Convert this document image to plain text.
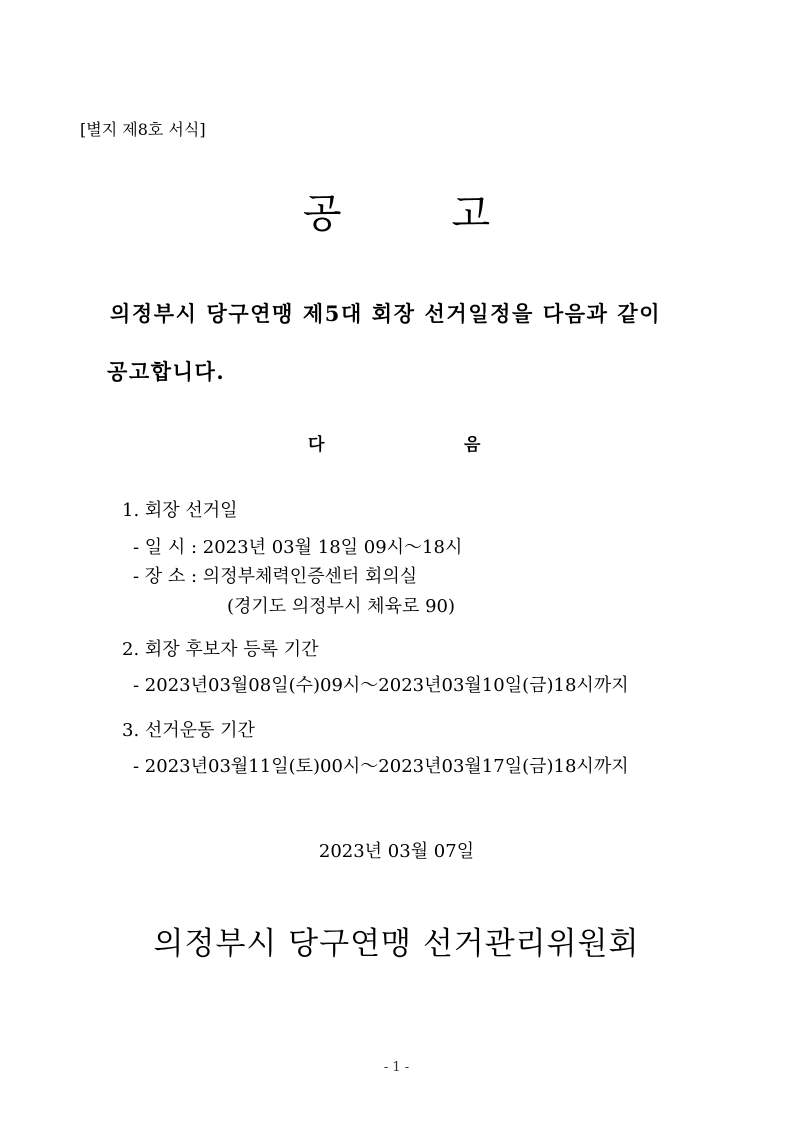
[별지 제8호 서식]
공	고
의정부시 당구연맹 제5대 회장 선거일정을 다음과 같이
공고합니다.
다	음
1. 회장 선거일
- 일 시 : 2023년 03월 18일 09시～18시
- 장 소 : 의정부체력인증센터 회의실
(경기도 의정부시 체육로 90)
2. 회장 후보자 등록 기간
- 2023년03월08일(수)09시～2023년03월10일(금)18시까지
3. 선거운동 기간
- 2023년03월11일(토)00시～2023년03월17일(금)18시까지
2023년 03월 07일
의정부시 당구연맹 선거관리위원회
- 1 -
